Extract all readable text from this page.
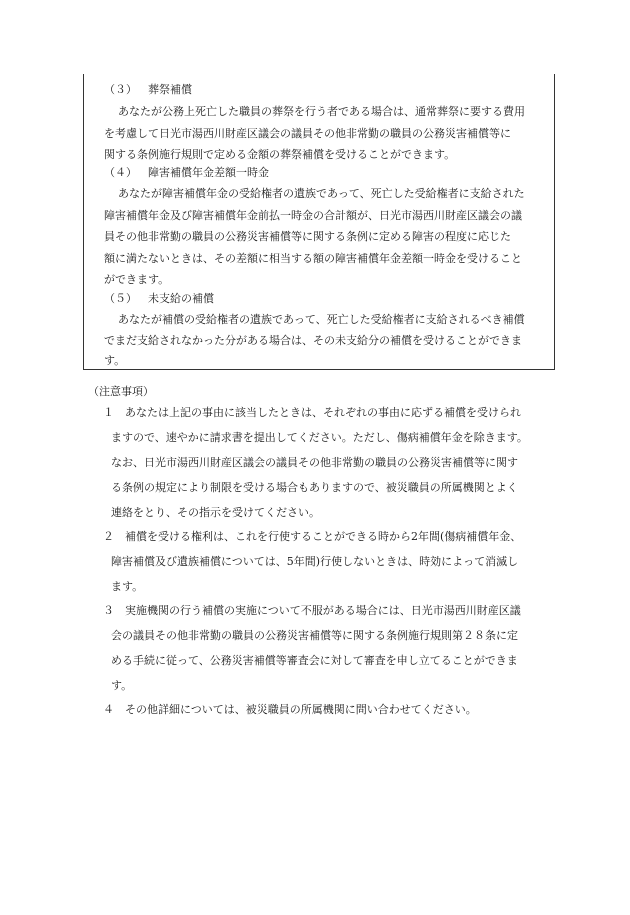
（３） 葬祭補償
あなたが公務上死亡した職員の葬祭を行う者である場合は、通常葬祭に要する費用
を考慮して日光市湯西川財産区議会の議員その他非常勤の職員の公務災害補償等に
関する条例施行規則で定める金額の葬祭補償を受けることができます。
（４） 障害補償年金差額一時金
あなたが障害補償年金の受給権者の遺族であって、死亡した受給権者に支給された
障害補償年金及び障害補償年金前払一時金の合計額が、日光市湯西川財産区議会の議
員その他非常勤の職員の公務災害補償等に関する条例に定める障害の程度に応じた
額に満たないときは、その差額に相当する額の障害補償年金差額一時金を受けること
ができます。
（５） 未支給の補償
あなたが補償の受給権者の遺族であって、死亡した受給権者に支給されるべき補償
でまだ支給されなかった分がある場合は、その未支給分の補償を受けることができま
す。
（注意事項）
１ あなたは上記の事由に該当したときは、それぞれの事由に応ずる補償を受けられ
ますので、速やかに請求書を提出してください。ただし、傷病補償年金を除きます。
なお、日光市湯西川財産区議会の議員その他非常勤の職員の公務災害補償等に関す
る条例の規定により制限を受ける場合もありますので、被災職員の所属機関とよく
連絡をとり、その指示を受けてください。
２ 補償を受ける権利は、これを行使することができる時から2年間(傷病補償年金、
障害補償及び遺族補償については、5年間)行使しないときは、時効によって消滅し
ます。
３ 実施機関の行う補償の実施について不服がある場合には、日光市湯西川財産区議
会の議員その他非常勤の職員の公務災害補償等に関する条例施行規則第２８条に定
める手続に従って、公務災害補償等審査会に対して審査を申し立てることができま
す。
４ その他詳細については、被災職員の所属機関に問い合わせてください。
